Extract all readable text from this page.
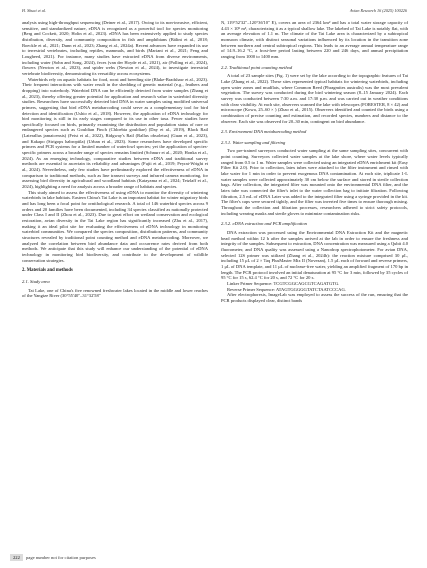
H. Shuai et al.	Avian Research 16 (2025) 100226

analysis using high-throughput sequencing (Deiner et al., 2017). Owing to its non-invasive, efficient, sensitive, and standardized nature, eDNA is recognized as a powerful tool for species monitoring (Berg and Cockett, 2020; Holin et al., 2023). eDNA has been extensively applied to study species distribution, diversity, and community composition in fish and amphibians (Bálint et al., 2018; Boeckle et al., 2021; Dunn et al., 2023; Zhang et al., 2024a). Recent advances have expanded its use to terrestrial vertebrates, including reptiles, mammals, and birds (Mariani et al., 2021; Feng and Lougheed, 2021). For instance, many studies have extracted eDNA from diverse environments, including water (Sohn and Song, 2024), feces (van der Hoyde et al., 2021), air (Polling et al., 2024), flowers (Newton et al., 2023), and spider webs (Newton et al., 2024), to investigate terrestrial vertebrate biodiversity, demonstrating its versatility across ecosystems.

Waterbirds rely on aquatic habitats for food, roost and breeding site (Blake-Bradshaw et al., 2023). Their frequent interactions with water result in the shedding of genetic material (e.g., feathers and dropping) into waterbody. Waterbird DNA can be efficiently detected from water samples (Zhang et al., 2023), thereby offering greater potential for application and research value in waterbird diversity studies. Researchers have successfully detected bird DNA in water samples using modified universal primers, suggesting that bird eDNA metabarcoding could serve as a complementary tool for bird detection and identification (Ushio et al., 2018). However, the application of eDNA technology for bird monitoring is still in its early stages compared to its use in other taxa. Fewer studies have specifically focused on birds, primarily examining the distribution and population status of rare or endangered species such as Gouldian Finch (Chloebia gouldiae) (Day et al., 2019), Black Rail (Laterallus jamaicensis) (Feist et al., 2022), Ridgway's Rail (Rallus obsoletus) (Guan et al., 2023), and Kakapo (Strigops habroptila) (Urban et al., 2023). Some researchers have developed specific primers and PCR systems for a limited number of waterfowl species; yet the application of species-specific primers across a broader range of species remains limited (Schnurr et al., 2020; Honka et al., 2024). As an emerging technology, comparative studies between eDNA and traditional survey methods are essential to ascertain its reliability and advantages (Fujii et al., 2019; Peyrat-Wright et al., 2024). Nevertheless, only few studies have preliminarily explored the effectiveness of eDNA in comparison to traditional methods, such as line transect surveys and infrared camera monitoring, for assessing bird diversity in agricultural and woodland habitats (Katayama et al., 2024; Tetzlaff et al., 2024), highlighting a need for analysis across a broader range of habitats and species.

This study aimed to assess the effectiveness of using eDNA to monitor the diversity of wintering waterbirds in lake habitats. Eastern China's Tai Lake is an important habitat for winter migratory birds and has long been a focal point for ornithological research. A total of 146 waterbird species across 9 orders and 20 families have been documented, including 34 species classified as nationally protected under Class I and II (Zhou et al., 2023). Due to great effort on wetland conservation and ecological restoration, avian diversity in the Tai Lake region has significantly increased (Zhu et al., 2017), making it an ideal pilot site for evaluating the effectiveness of eDNA technology in monitoring waterbird communities. We compared the species composition, distribution patterns, and community structures revealed by traditional point counting method and eDNA metabarcoding. Moreover, we analyzed the correlation between bird abundance data and occurrence rates derived from both methods. We anticipate that this study will enhance our understanding of the potential of eDNA technology in monitoring bird biodiversity, and contribute to the development of wildlife conservation strategies.

2. Materials and methods
2.1. Study area

Tai Lake, one of China's five renowned freshwater lakes located in the middle and lower reaches of the Yangtze River (30°55'40"–31°32'58"

N, 119°52'32"–120°36'10" E), covers an area of 2364 km² and has a total water storage capacity of 4.43 × 10⁹ m³, characterizing it as a typical shallow lake. The lakebed of Tai Lake is notably flat, with an average elevation of 1.1 m. The climate of the Tai Lake area is characterized by a subtropical monsoon climate, with distinct seasonal variations influenced by its location in the transition zone between northern and central subtropical regions. This leads to an average annual temperature range of 14.9–16.2 °C, a frost-free period lasting between 220 and 246 days, and annual precipitation ranging from 1000 to 1400 mm.

2.2. Traditional point counting method

A total of 23 sample sites (Fig. 1) were set by the lake according to the topographic features of Tai Lake (Zhang et al., 2022). These sites represented typical habitats for wintering waterbirds, including open water zones and mudflats, where Common Reed (Phragmites australis) was the most prevalent vegetation. The survey was conducted during the bird wintering season (8–15 January 2024). Each survey was conducted between 7:30 a.m. and 17:30 p.m. and was carried out in weather conditions with clear visibility. At each site, observers scanned the lake with telescopes (FORESTER, 8 × 42) and microscope (Kowa, 25–60 × ) (Zhao et al., 2015). Observers identified and counted the birds using a combination of precise counting and estimation, and recorded species, numbers and distance to the observer. Each site was observed for 20–30 min, contingent on bird abundance.

2.3. Environment DNA metabarcoding method
2.3.1. Water sampling and filtering

Two pre-trained surveyors conducted water sampling at the same sampling sites, concurrent with point counting. Surveyors collected water samples at the lake shore, where water levels typically ranged from 0.5 to 1 m. Water samples were collected using an integrated eDNA enrichment kit (Easy Filter Kit 2.0). Prior to collection, latex tubes were attached to the filter instrument and rinsed with lake water for 1 min in order to prevent exogenous DNA contamination. At each site, triplicate 1-L water samples were collected approximately 30 cm below the surface and stored in sterile collection bags. After collection, the integrated filter was mounted onto the environmental DNA filter, and the latex tube was connected the filter's inlet to the water collection bag to initiate filtration. Following filtration, 2.5 mL of eDNA Later was added to the integrated filter using a syringe provided in the kit. The filter's caps were secured tightly, and the filter was inverted five times to ensure thorough mixing. Throughout the collection and filtration processes, researchers adhered to strict safety protocols, including wearing masks and sterile gloves to minimize contamination risks.

2.3.2. eDNA extraction and PCR amplification

DNA extraction was processed using the Environmental DNA Extraction Kit and the magnetic bead method within 12 h after the samples arrived at the lab in order to ensure the freshness and integrity of the samples. Subsequent to extraction, DNA concentration was measured using a Qubit 4.0 fluorometer, and DNA quality was assessed using a Nanodrop spectrophotometer. For avian DNA, selected 12S primer was utilized (Zhang et al., 2024b): the reaction mixture comprised 30 μL, including 15 μL of 2 × Taq PlusMaster Mix II (Novezan), 1.5 μL each of forward and reverse primers, 1 μL of DNA template, and 11 μL of nuclease-free water, yielding an amplified fragment of 170 bp in length. The PCR protocol involved an initial denaturation at 95 °C for 3 min, followed by 35 cycles of 95 °C for 15 s, 62.4 °C for 20 s, and 72 °C for 20 s.

Linker Primer Sequence: TCGTCGGCAGCGTCAGATGTG.

Reverse Primer Sequence: ATAGTGGGGGTATCTAATCCCAG.

After electrophoresis, ImageLab was employed to assess the success of the run, ensuring that the PCR products displayed clear, distinct bands

222	page number not for citation purposes
